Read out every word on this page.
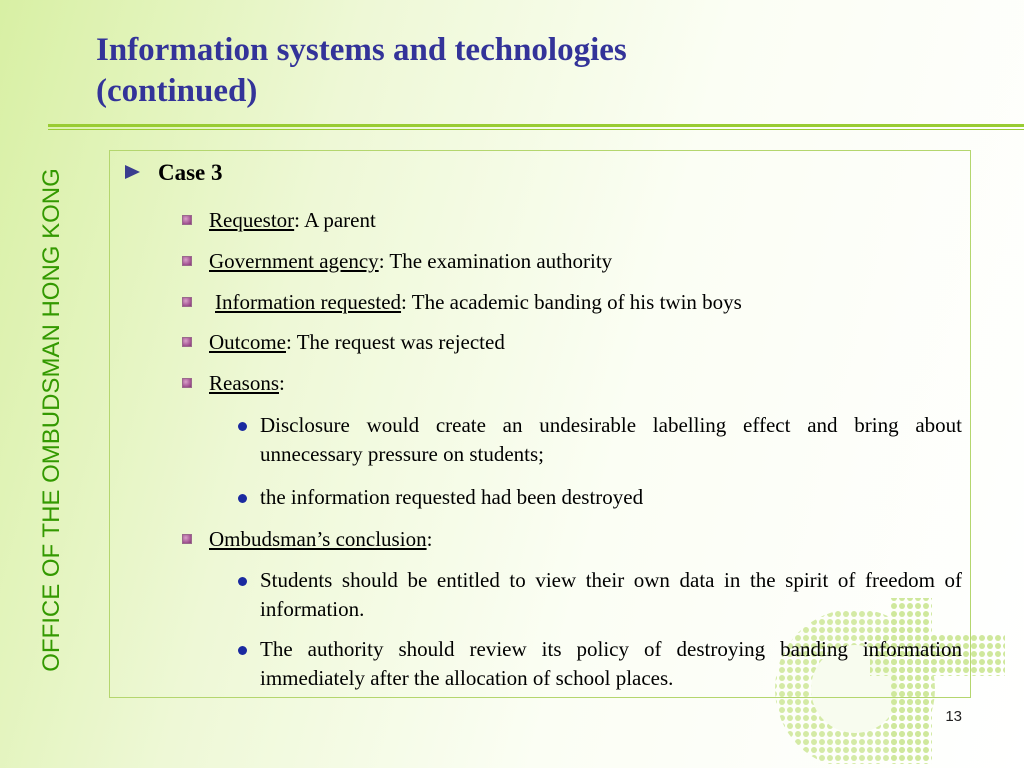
Information systems and technologies
(continued)
OFFICE OF THE OMBUDSMAN HONG KONG	Case 3
Requestor: A parent
Government agency: The examination authority
Information requested: The academic banding of his twin boys
Outcome: The request was rejected
Reasons:
Disclosure would create an undesirable labelling effect and bring about unnecessary pressure on students;
the information requested had been destroyed
Ombudsman’s conclusion:
Students should be entitled to view their own data in the spirit of freedom of information.
The authority should review its policy of destroying banding information immediately after the allocation of school places.
13
